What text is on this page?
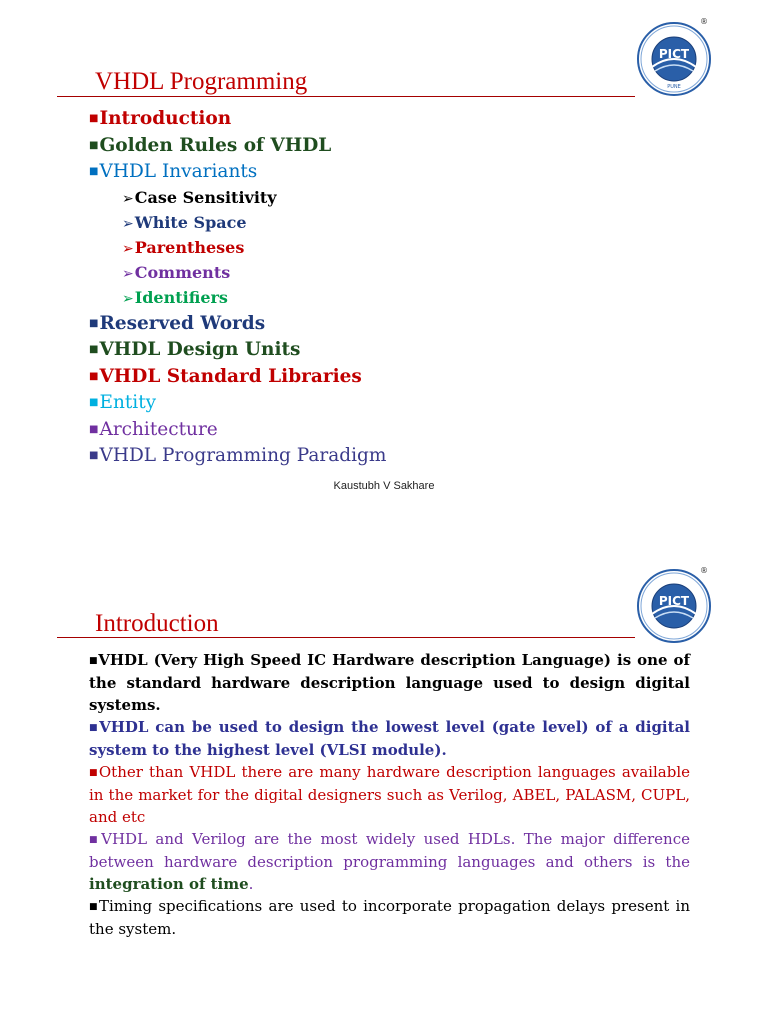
VHDL Programming
PICT
PUNE
®
■Introduction
■Golden Rules of VHDL
■VHDL Invariants
➢Case Sensitivity
➢White Space
➢Parentheses
➢Comments
➢Identifiers
■Reserved Words
■VHDL Design Units
■VHDL Standard Libraries
■Entity
■Architecture
■VHDL Programming Paradigm
Kaustubh V Sakhare
Introduction
PICT
®

■VHDL (Very High Speed IC Hardware description Language) is one of the standard hardware description language used to design digital systems.

■VHDL can be used to design the lowest level (gate level) of a digital system to the highest level (VLSI module).

■Other than VHDL there are many hardware description languages available in the market for the digital designers such as Verilog, ABEL, PALASM, CUPL, and etc

■VHDL and Verilog are the most widely used HDLs. The major difference between hardware description programming languages and others is the integration of time.

■Timing specifications are used to incorporate propagation delays present in the system.
